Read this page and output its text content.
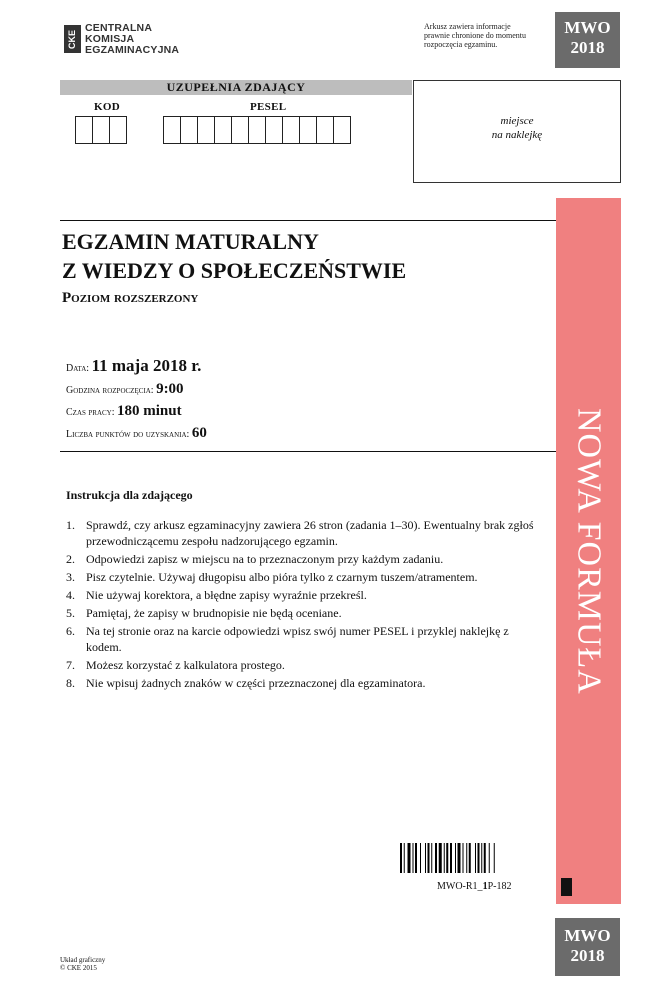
CKE
CENTRALNA
KOMISJA
EGZAMINACYJNA
Arkusz zawiera informacje
prawnie chronione do momentu
rozpoczęcia egzaminu.
MWO
2018
UZUPEŁNIA ZDAJĄCY
KOD	PESEL
miejsce
na naklejkę
NOWA FORMUŁA
EGZAMIN MATURALNY
Z WIEDZY O SPOŁECZEŃSTWIE
Poziom rozszerzony
Data: 11 maja 2018 r.
Godzina rozpoczęcia: 9:00
Czas pracy: 180 minut
Liczba punktów do uzyskania: 60
Instrukcja dla zdającego
1. Sprawdź, czy arkusz egzaminacyjny zawiera 26 stron (zadania 1–30). Ewentualny brak zgłoś przewodniczącemu zespołu nadzorującego egzamin.
2. Odpowiedzi zapisz w miejscu na to przeznaczonym przy każdym zadaniu.
3. Pisz czytelnie. Używaj długopisu albo pióra tylko z czarnym tuszem/atramentem.
4. Nie używaj korektora, a błędne zapisy wyraźnie przekreśl.
5. Pamiętaj, że zapisy w brudnopisie nie będą oceniane.
6. Na tej stronie oraz na karcie odpowiedzi wpisz swój numer PESEL i przyklej naklejkę z kodem.
7. Możesz korzystać z kalkulatora prostego.
8. Nie wpisuj żadnych znaków w części przeznaczonej dla egzaminatora.
MWO-R1_1P-182
Układ graficzny
© CKE 2015
MWO
2018
